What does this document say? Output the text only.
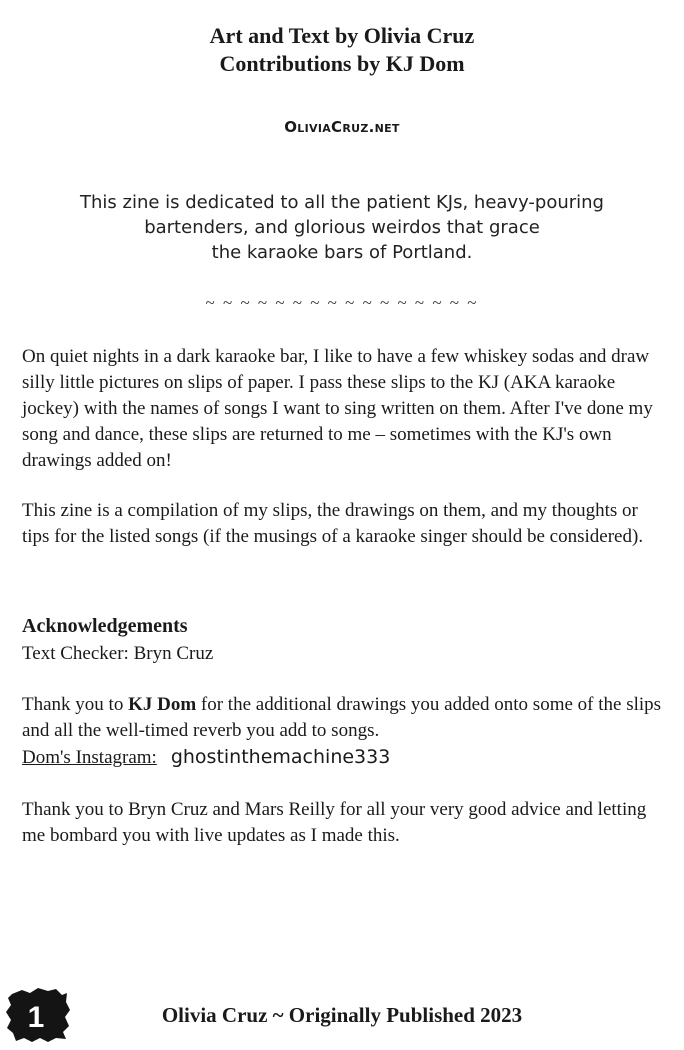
Art and Text by Olivia Cruz
Contributions by KJ Dom
OliviaCruz.net
This zine is dedicated to all the patient KJs, heavy-pouring
bartenders, and glorious weirdos that grace
the karaoke bars of Portland.
~ ~ ~ ~ ~ ~ ~ ~ ~ ~ ~ ~ ~ ~ ~ ~
On quiet nights in a dark karaoke bar, I like to have a few whiskey sodas and draw silly little pictures on slips of paper. I pass these slips to the KJ (AKA karaoke jockey) with the names of songs I want to sing written on them. After I've done my song and dance, these slips are returned to me – sometimes with the KJ's own drawings added on!
This zine is a compilation of my slips, the drawings on them, and my thoughts or tips for the listed songs (if the musings of a karaoke singer should be considered).
Acknowledgements
Text Checker: Bryn Cruz
Thank you to KJ Dom for the additional drawings you added onto some of the slips and all the well-timed reverb you add to songs.
Dom's Instagram: ghostinthemachine333
Thank you to Bryn Cruz and Mars Reilly for all your very good advice and letting me bombard you with live updates as I made this.
1	Olivia Cruz ~ Originally Published 2023
